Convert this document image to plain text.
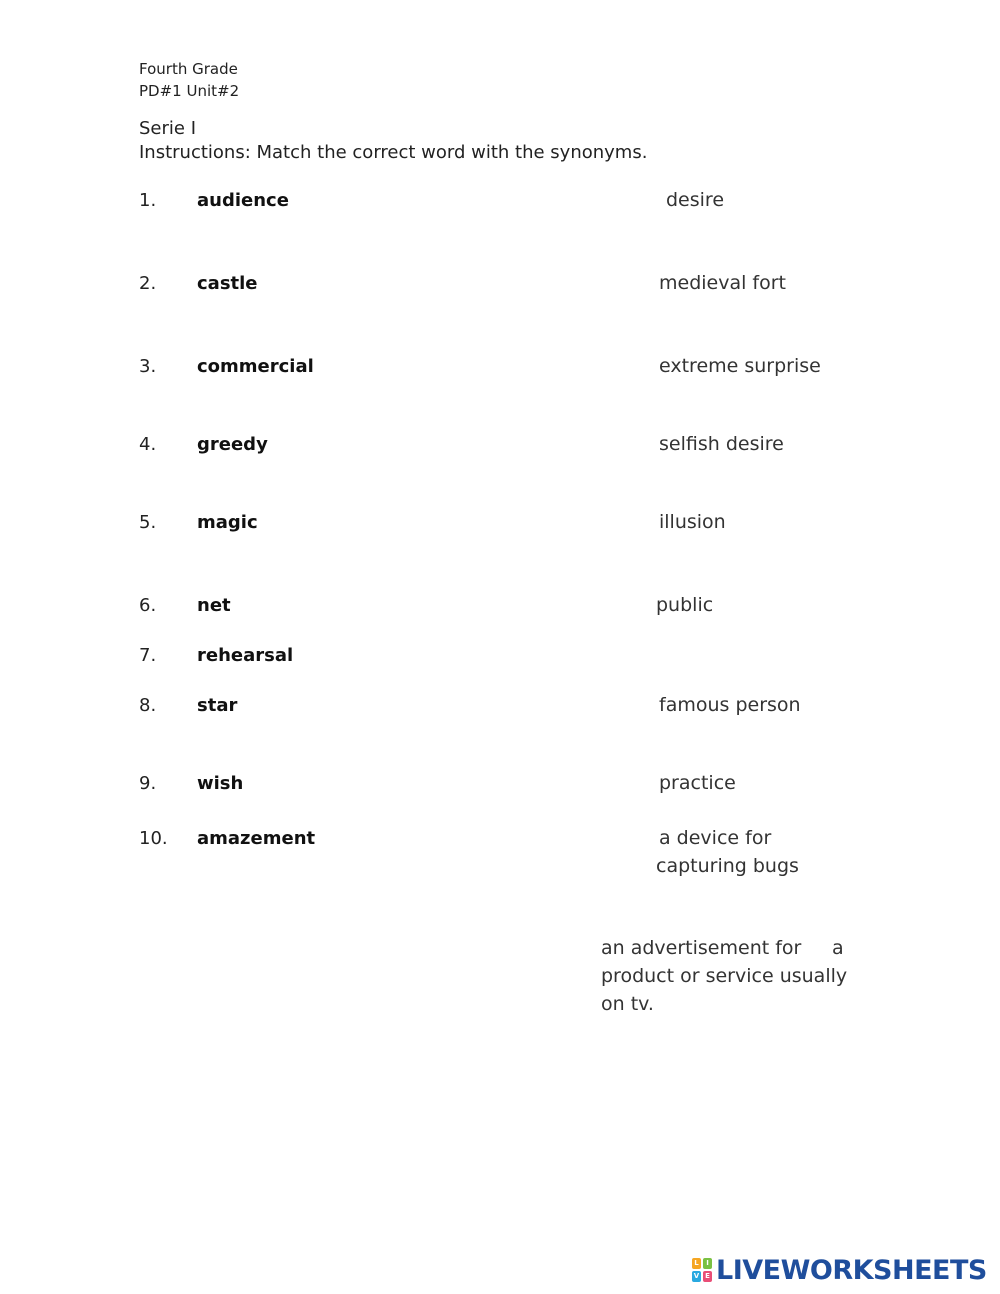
Fourth Grade
PD#1 Unit#2
Serie I
Instructions: Match the correct word with the synonyms.
1. audience
2. castle
3. commercial
4. greedy
5. magic
6. net
7. rehearsal
8. star
9. wish
10. amazement
desire
medieval fort
extreme surprise
selfish desire
illusion
public
famous person
practice
a device for
capturing bugs
an advertisement for a
product or service usually
on tv.
L	I
V E LIVEWORKSHEETS
